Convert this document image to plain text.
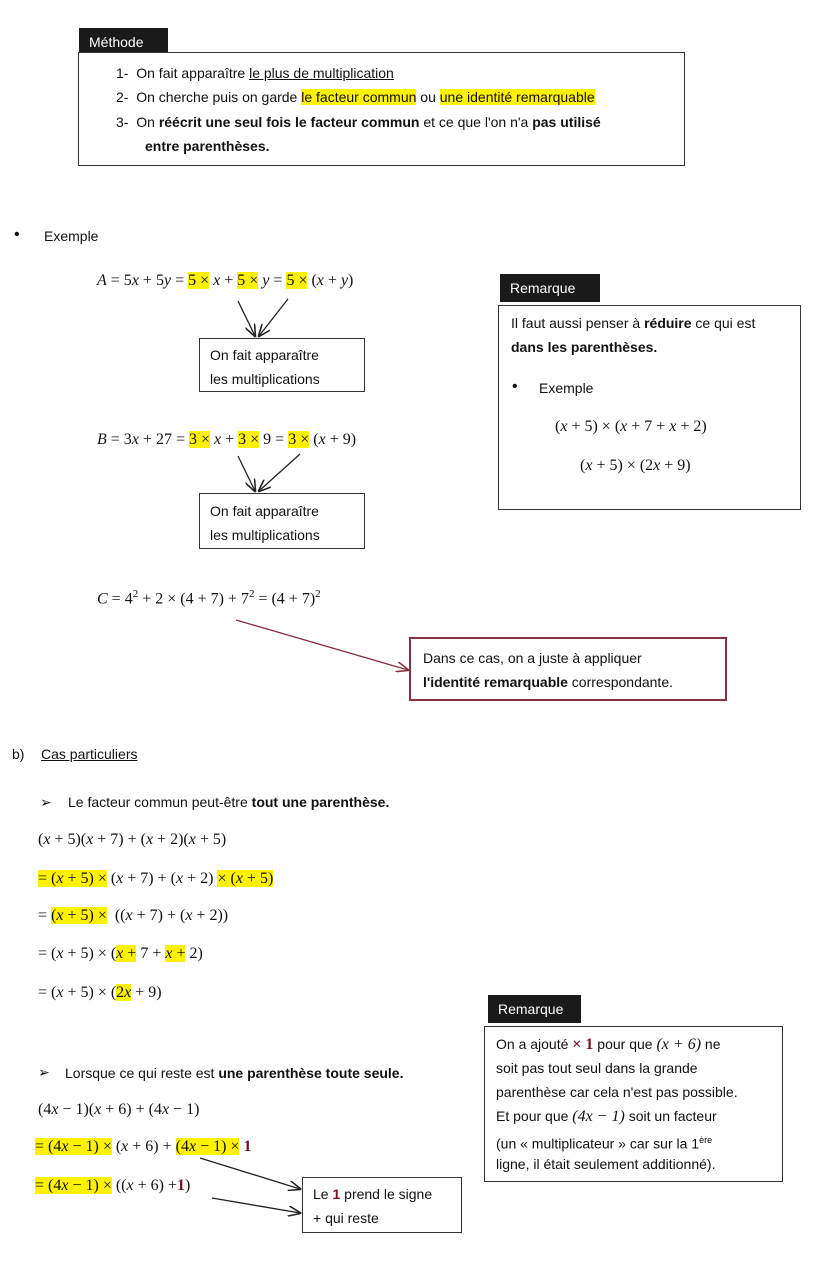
Méthode
1- On fait apparaître le plus de multiplication
2- On cherche puis on garde le facteur commun ou une identité remarquable
3- On réécrit une seul fois le facteur commun et ce que l'on n'a pas utilisé
entre parenthèses.
• Exemple
A = 5x + 5y = 5 × x + 5 × y = 5 × (x + y)
On fait apparaître
les multiplications
B = 3x + 27 = 3 × x + 3 × 9 = 3 × (x + 9)
On fait apparaître
les multiplications
$C = 4^2 + 2 \times (4 + 7) + 7^2 = (4 + 7)^2$
Dans ce cas, on a juste à appliquer
l'identité remarquable correspondante.
Remarque
Il faut aussi penser à réduire ce qui est
dans les parenthèses.
• Exemple
(x + 5) × (x + 7 + x + 2)
(x + 5) × (2x + 9)
b) Cas particuliers
➢ Le facteur commun peut-être tout une parenthèse.
(x + 5)(x + 7) + (x + 2)(x + 5)
= (x + 5) × (x + 7) + (x + 2) × (x + 5)
= (x + 5) ×  ((x + 7) + (x + 2))
= (x + 5) × (x + 7 + x + 2)
= (x + 5) × (2x + 9)
➢ Lorsque ce qui reste est une parenthèse toute seule.
(4x − 1)(x + 6) + (4x − 1)
= (4x − 1) × (x + 6) + (4x − 1) × 1
= (4x − 1) × ((x + 6) +1)
Remarque
On a ajouté × 1 pour que (x + 6) ne
soit pas tout seul dans la grande
parenthèse car cela n'est pas possible.
Et pour que (4x − 1) soit un facteur
(un « multiplicateur » car sur la 1ère
ligne, il était seulement additionné).
Le 1 prend le signe
+ qui reste
